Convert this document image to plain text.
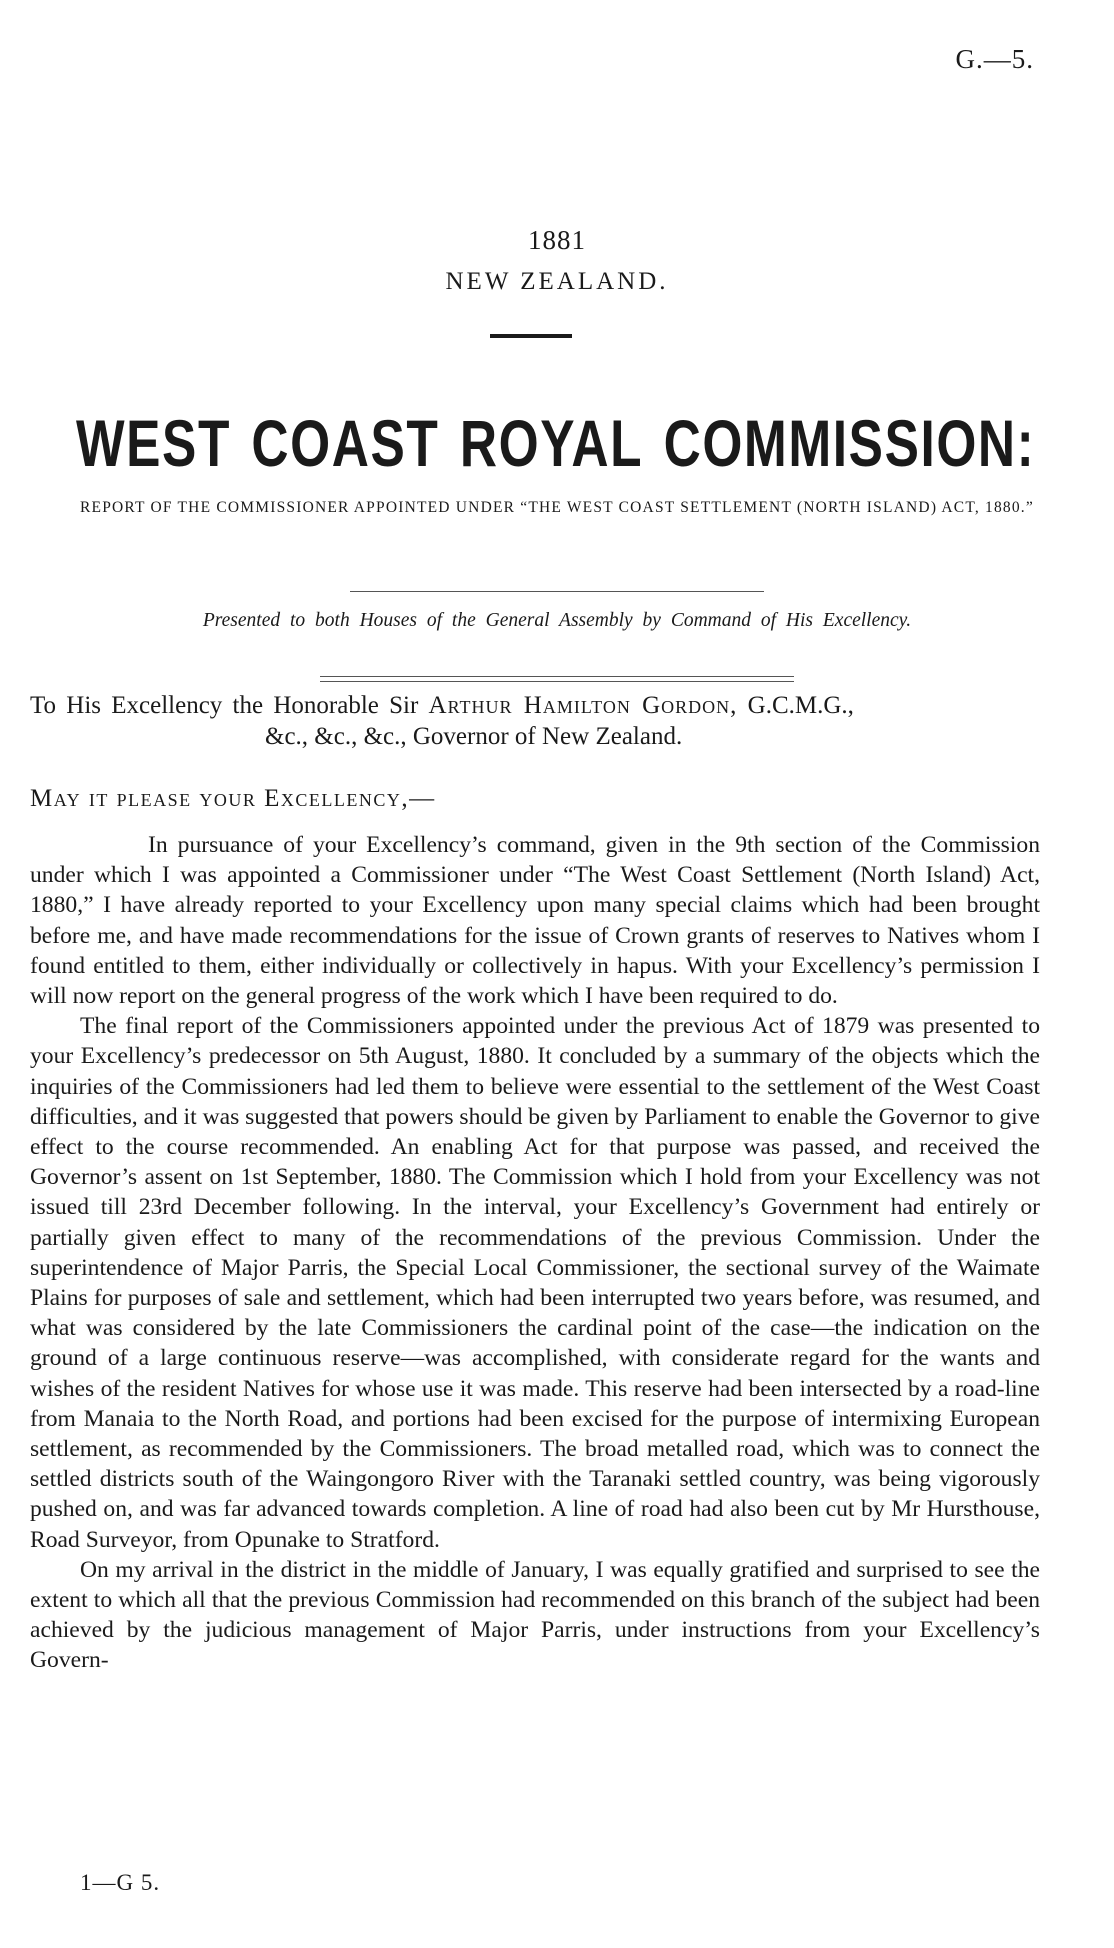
G.—5.
1881
NEW ZEALAND.
WEST COAST ROYAL COMMISSION:
REPORT OF THE COMMISSIONER APPOINTED UNDER “THE WEST COAST SETTLEMENT (NORTH ISLAND) ACT, 1880.”
Presented to both Houses of the General Assembly by Command of His Excellency.
To His Excellency the Honorable Sir Arthur Hamilton Gordon, G.C.M.G.,
&c., &c., &c., Governor of New Zealand.
May it please your Excellency,—

In pursuance of your Excellency’s command, given in the 9th section of the Commission under which I was appointed a Commissioner under “The West Coast Settlement (North Island) Act, 1880,” I have already reported to your Excellency upon many special claims which had been brought before me, and have made recommendations for the issue of Crown grants of reserves to Natives whom I found entitled to them, either individually or collectively in hapus. With your Excellency’s permission I will now report on the general progress of the work which I have been required to do.

The final report of the Commissioners appointed under the previous Act of 1879 was presented to your Excellency’s predecessor on 5th August, 1880. It concluded by a summary of the objects which the inquiries of the Commissioners had led them to believe were essential to the settlement of the West Coast difficulties, and it was suggested that powers should be given by Parliament to enable the Governor to give effect to the course recommended. An enabling Act for that purpose was passed, and received the Governor’s assent on 1st September, 1880. The Commission which I hold from your Excellency was not issued till 23rd December following. In the interval, your Excellency’s Government had entirely or partially given effect to many of the recommendations of the previous Commission. Under the superintendence of Major Parris, the Special Local Commissioner, the sectional survey of the Waimate Plains for purposes of sale and settlement, which had been interrupted two years before, was resumed, and what was considered by the late Commissioners the cardinal point of the case—the indication on the ground of a large continuous reserve—was accomplished, with considerate regard for the wants and wishes of the resident Natives for whose use it was made. This reserve had been intersected by a road-line from Manaia to the North Road, and portions had been excised for the purpose of intermixing European settlement, as recommended by the Commissioners. The broad metalled road, which was to connect the settled districts south of the Waingongoro River with the Taranaki settled country, was being vigorously pushed on, and was far advanced towards completion. A line of road had also been cut by Mr Hursthouse, Road Surveyor, from Opunake to Stratford.

On my arrival in the district in the middle of January, I was equally gratified and surprised to see the extent to which all that the previous Commission had recommended on this branch of the subject had been achieved by the judicious management of Major Parris, under instructions from your Excellency’s Govern-

1—G 5.
